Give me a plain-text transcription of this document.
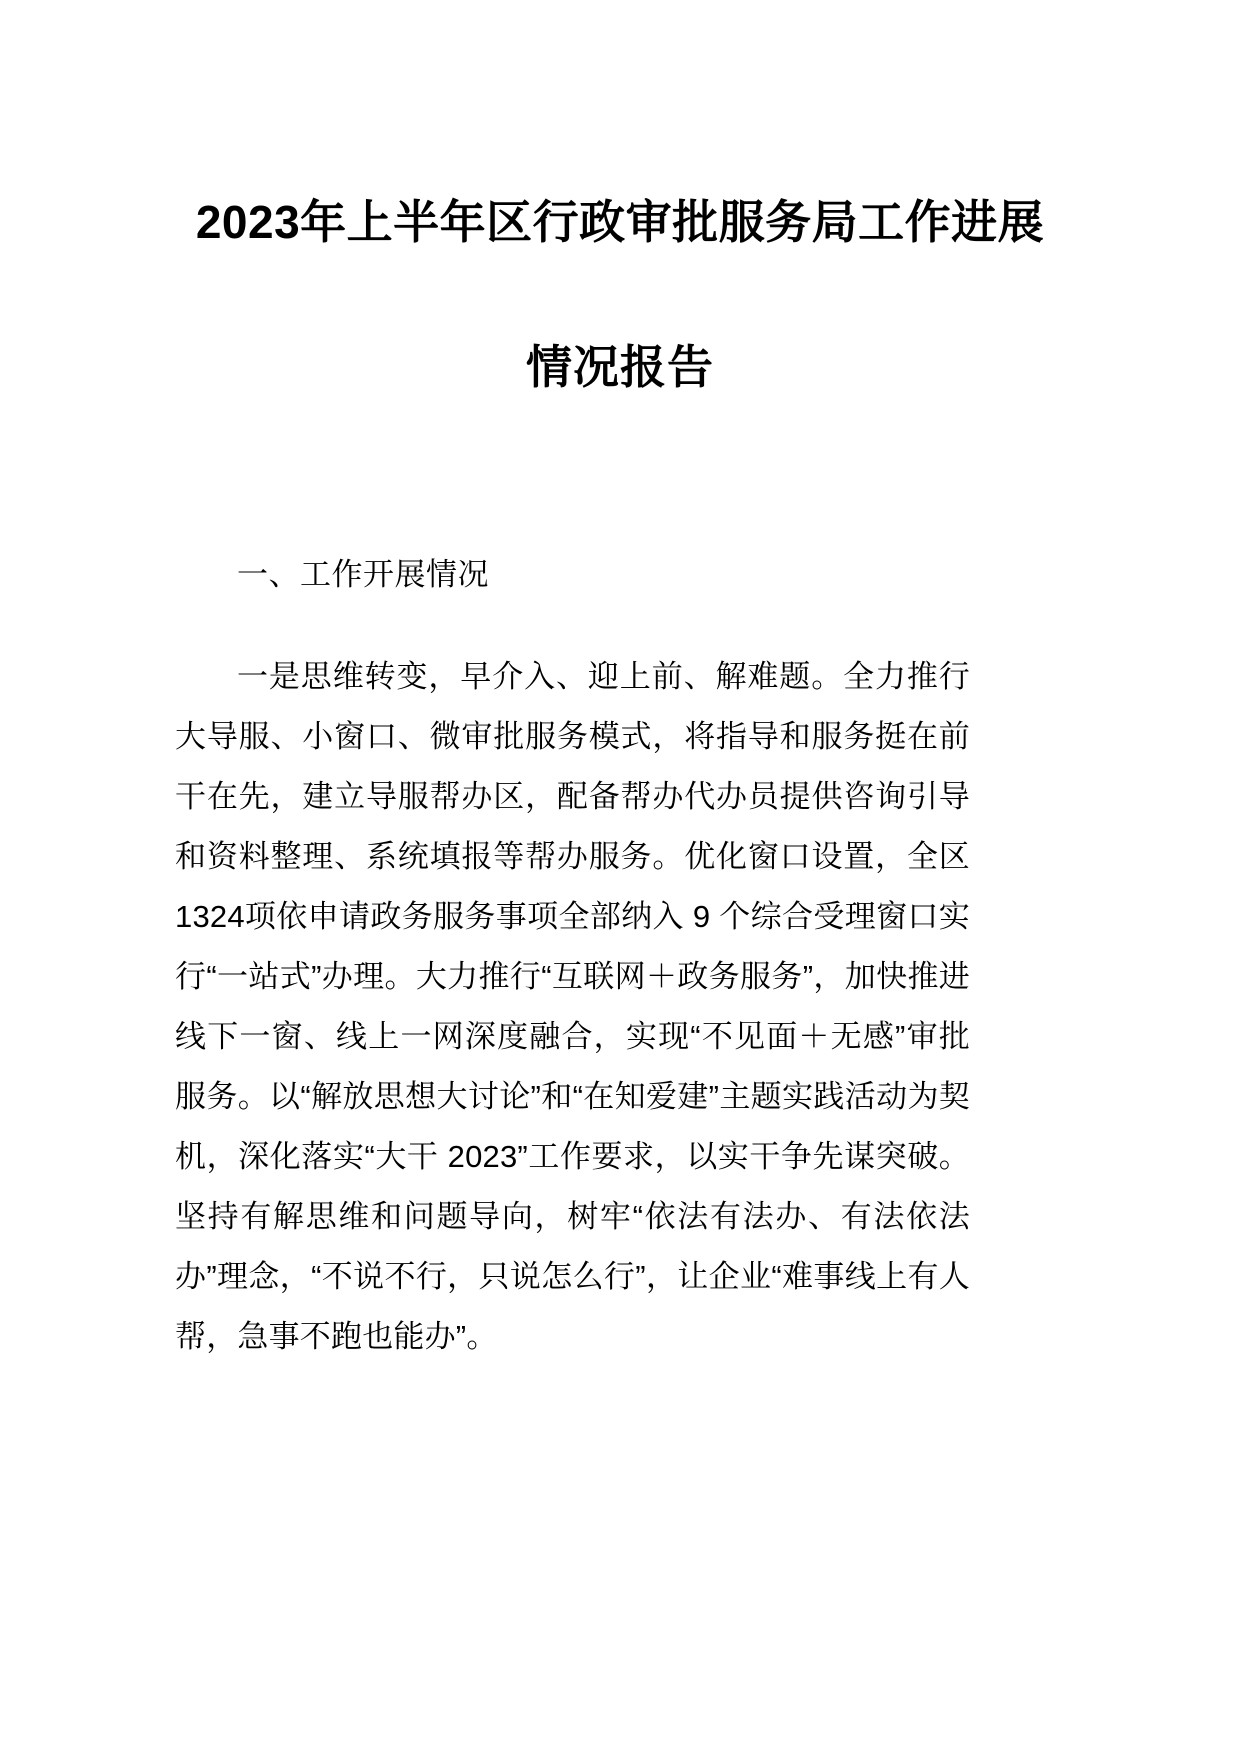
2023年上半年区行政审批服务局工作进展
情况报告
一、工作开展情况

一是思维转变，早介入、迎上前、解难题。全力推行大导服、小窗口、微审批服务模式，将指导和服务挺在前干在先，建立导服帮办区，配备帮办代办员提供咨询引导和资料整理、系统填报等帮办服务。优化窗口设置，全区1324项依申请政务服务事项全部纳入 9 个综合受理窗口实行“一站式”办理。大力推行“互联网＋政务服务”，加快推进线下一窗、线上一网深度融合，实现“不见面＋无感”审批服务。以“解放思想大讨论”和“在知爱建”主题实践活动为契机，深化落实“大干 2023”工作要求，以实干争先谋突破。坚持有解思维和问题导向，树牢“依法有法办、有法依法办”理念，“不说不行，只说怎么行”，让企业“难事线上有人帮，急事不跑也能办”。
